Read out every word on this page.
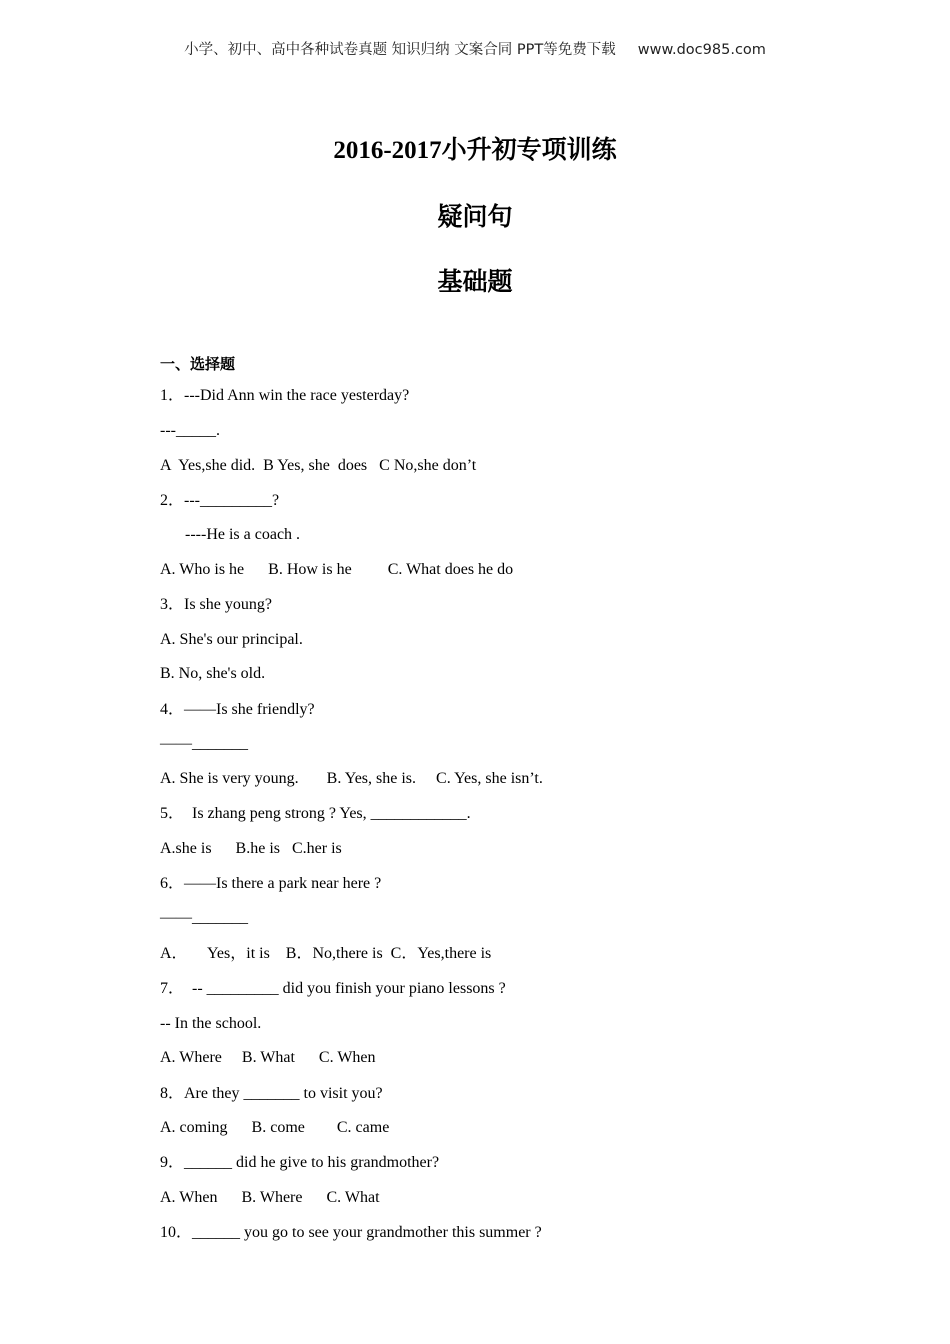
小学、初中、高中各种试卷真题 知识归纳 文案合同 PPT等免费下载 www.doc985.com
2016-2017小升初专项训练
疑问句
基础题
一、选择题
1．---Did Ann win the race yesterday?
---_____.
A  Yes,she did.  B Yes, she  does   C No,she don’t
2．---_________?
----He is a coach .
A. Who is he      B. How is he         C. What does he do
3．Is she young?
A. She's our principal.
B. No, she's old.
4．——Is she friendly?
——_______
A. She is very young.       B. Yes, she is.     C. Yes, she isn’t.
5．  Is zhang peng strong ? Yes, ____________.
A.she is      B.he is   C.her is
6．——Is there a park near here ?
——_______
A．     Yes，it is    B．No,there is  C．Yes,there is
7．  -- _________ did you finish your piano lessons ?
-- In the school.
A. Where     B. What      C. When
8．Are they _______ to visit you?
A. coming      B. come        C. came
9．______ did he give to his grandmother?
A. When      B. Where      C. What
10．______ you go to see your grandmother this summer ?
